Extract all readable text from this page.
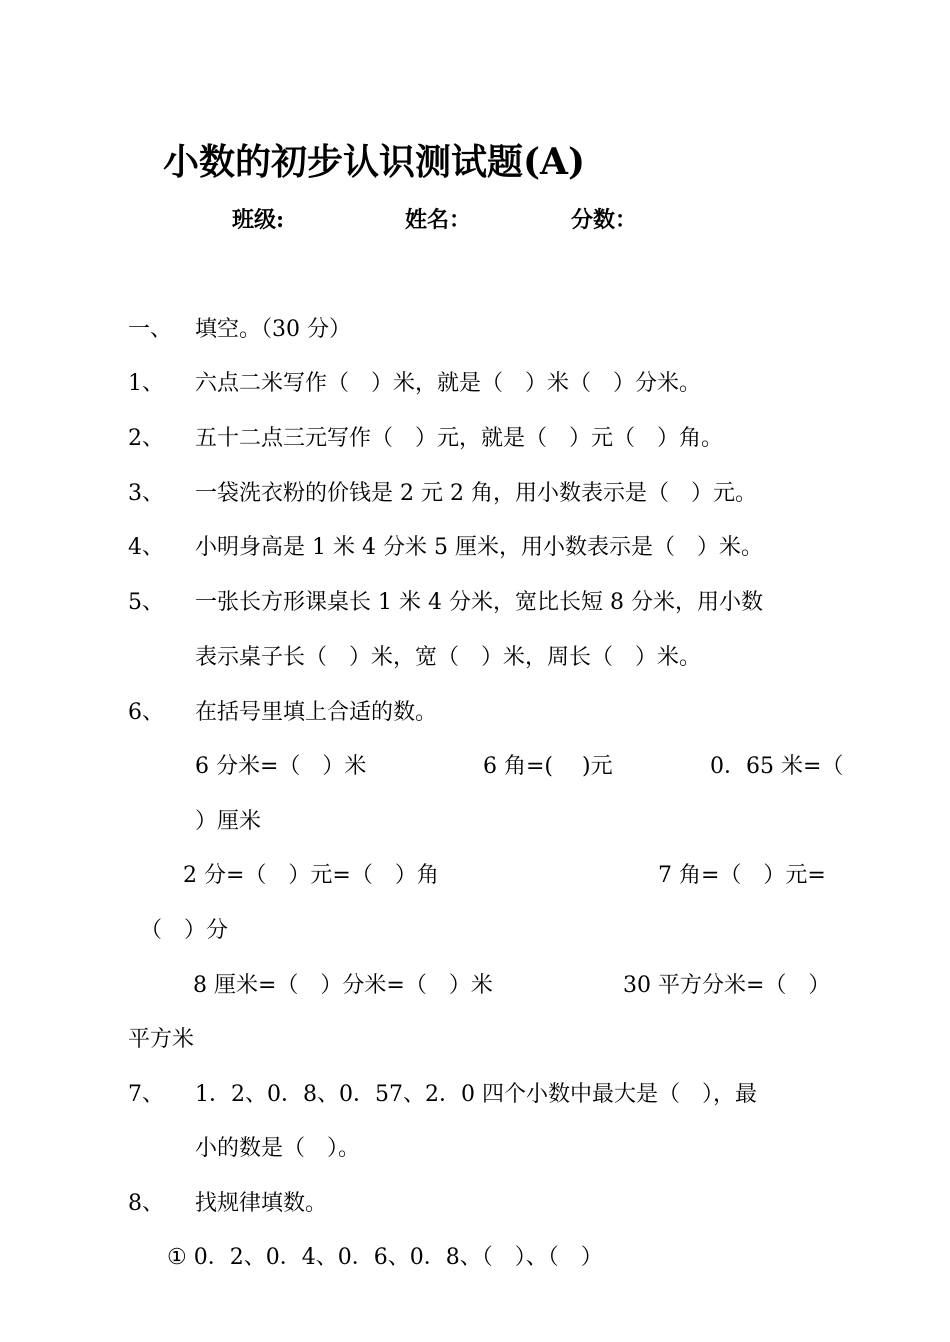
小数的初步认识测试题(A)
班级:	姓名：	分数：
一、 填空。（30 分）
1、 六点二米写作（　）米，就是（　）米（　）分米。
2、 五十二点三元写作（　）元，就是（　）元（　）角。
3、 一袋洗衣粉的价钱是 2 元 2 角，用小数表示是（　）元。
4、 小明身高是 1 米 4 分米 5 厘米，用小数表示是（　）米。
5、 一张长方形课桌长 1 米 4 分米，宽比长短 8 分米，用小数
表示桌子长（　）米，宽（　）米，周长（　）米。
6、 在括号里填上合适的数。
6 分米=（　）米	6 角=(　 )元	0．65 米=（
）厘米
2 分=（　）元=（　）角	7 角=（　）元=
（　）分
8 厘米=（　）分米=（　）米	30 平方分米=（　）
平方米
7、 1．2、0．8、0．57、2．0 四个小数中最大是（　），最
小的数是（　）。
8、 找规律填数。
① 0．2、0．4、0．6、0．8、（　）、（　）
